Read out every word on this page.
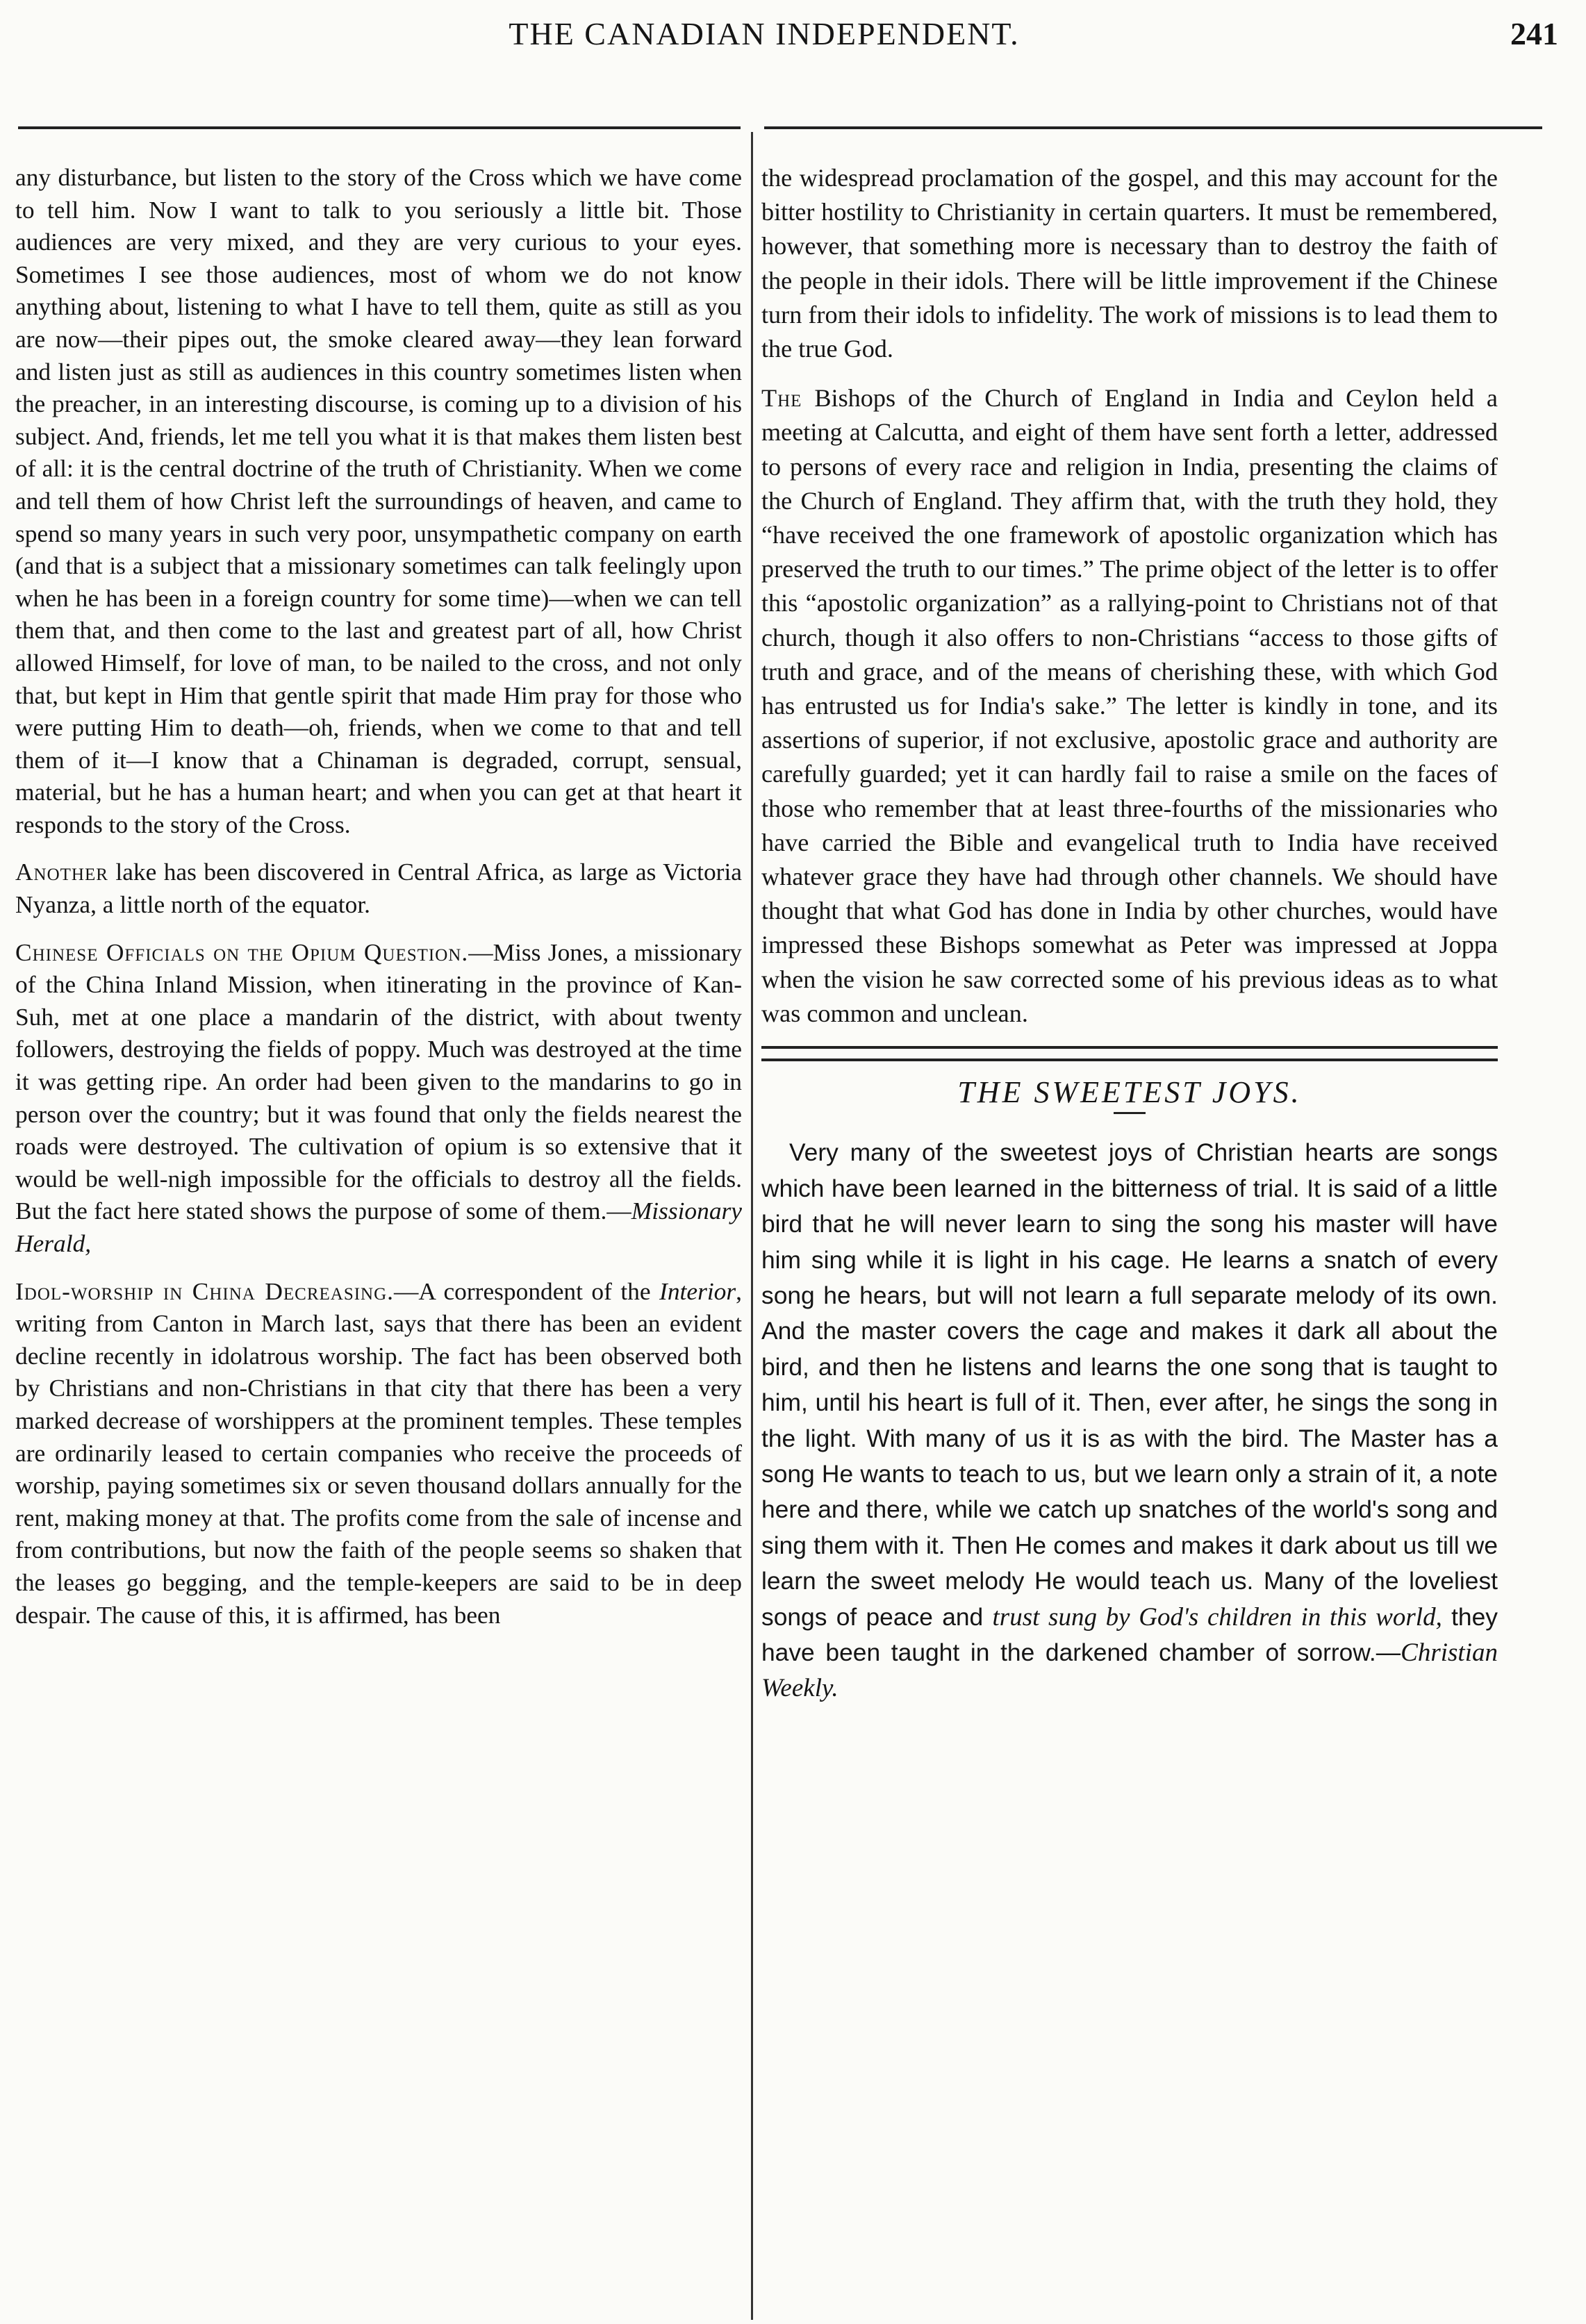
THE CANADIAN INDEPENDENT.	241

any disturbance, but listen to the story of the Cross which we have come to tell him. Now I want to talk to you seriously a little bit. Those audiences are very mixed, and they are very curious to your eyes. Sometimes I see those audiences, most of whom we do not know anything about, listening to what I have to tell them, quite as still as you are now—their pipes out, the smoke cleared away—they lean forward and listen just as still as audiences in this country sometimes listen when the preacher, in an interesting discourse, is coming up to a division of his subject. And, friends, let me tell you what it is that makes them listen best of all: it is the central doctrine of the truth of Christianity. When we come and tell them of how Christ left the surroundings of heaven, and came to spend so many years in such very poor, unsympathetic company on earth (and that is a subject that a missionary sometimes can talk feelingly upon when he has been in a foreign country for some time)—when we can tell them that, and then come to the last and greatest part of all, how Christ allowed Himself, for love of man, to be nailed to the cross, and not only that, but kept in Him that gentle spirit that made Him pray for those who were putting Him to death—oh, friends, when we come to that and tell them of it—I know that a Chinaman is degraded, corrupt, sensual, material, but he has a human heart; and when you can get at that heart it responds to the story of the Cross.

Another lake has been discovered in Central Africa, as large as Victoria Nyanza, a little north of the equator.

Chinese Officials on the Opium Question.—Miss Jones, a missionary of the China Inland Mission, when itinerating in the province of Kan-Suh, met at one place a mandarin of the district, with about twenty followers, destroying the fields of poppy. Much was destroyed at the time it was getting ripe. An order had been given to the mandarins to go in person over the country; but it was found that only the fields nearest the roads were destroyed. The cultivation of opium is so extensive that it would be well-nigh impossible for the officials to destroy all the fields. But the fact here stated shows the purpose of some of them.—Missionary Herald,

Idol-worship in China Decreasing.—A correspondent of the Interior, writing from Canton in March last, says that there has been an evident decline recently in idolatrous worship. The fact has been observed both by Christians and non-Christians in that city that there has been a very marked decrease of worshippers at the prominent temples. These temples are ordinarily leased to certain companies who receive the proceeds of worship, paying sometimes six or seven thousand dollars annually for the rent, making money at that. The profits come from the sale of incense and from contributions, but now the faith of the people seems so shaken that the leases go begging, and the temple-keepers are said to be in deep despair. The cause of this, it is affirmed, has been

the widespread proclamation of the gospel, and this may account for the bitter hostility to Christianity in certain quarters. It must be remembered, however, that something more is necessary than to destroy the faith of the people in their idols. There will be little improvement if the Chinese turn from their idols to infidelity. The work of missions is to lead them to the true God.

The Bishops of the Church of England in India and Ceylon held a meeting at Calcutta, and eight of them have sent forth a letter, addressed to persons of every race and religion in India, presenting the claims of the Church of England. They affirm that, with the truth they hold, they “have received the one framework of apostolic organization which has preserved the truth to our times.” The prime object of the letter is to offer this “apostolic organization” as a rallying-point to Christians not of that church, though it also offers to non-Christians “access to those gifts of truth and grace, and of the means of cherishing these, with which God has entrusted us for India's sake.” The letter is kindly in tone, and its assertions of superior, if not exclusive, apostolic grace and authority are carefully guarded; yet it can hardly fail to raise a smile on the faces of those who remember that at least three-fourths of the missionaries who have carried the Bible and evangelical truth to India have received whatever grace they have had through other channels. We should have thought that what God has done in India by other churches, would have impressed these Bishops somewhat as Peter was impressed at Joppa when the vision he saw corrected some of his previous ideas as to what was common and unclean.

THE SWEETEST JOYS.

Very many of the sweetest joys of Christian hearts are songs which have been learned in the bitterness of trial. It is said of a little bird that he will never learn to sing the song his master will have him sing while it is light in his cage. He learns a snatch of every song he hears, but will not learn a full separate melody of its own. And the master covers the cage and makes it dark all about the bird, and then he listens and learns the one song that is taught to him, until his heart is full of it. Then, ever after, he sings the song in the light. With many of us it is as with the bird. The Master has a song He wants to teach to us, but we learn only a strain of it, a note here and there, while we catch up snatches of the world's song and sing them with it. Then He comes and makes it dark about us till we learn the sweet melody He would teach us. Many of the loveliest songs of peace and trust sung by God's children in this world, they have been taught in the darkened chamber of sorrow.—Christian Weekly.
